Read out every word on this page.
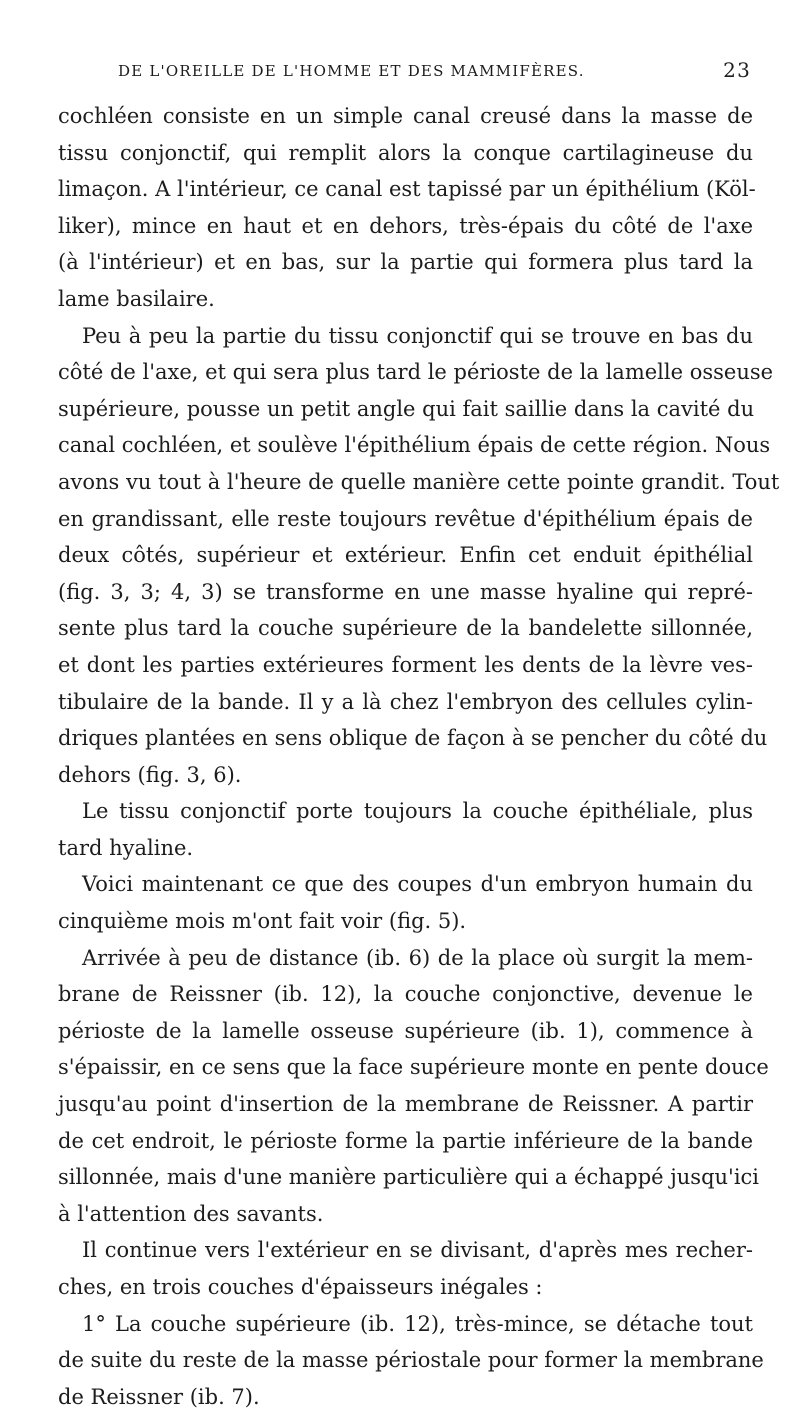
DE L'OREILLE DE L'HOMME ET DES MAMMIFÈRES.	23
cochléen consiste en un simple canal creusé dans la masse de
tissu conjonctif, qui remplit alors la conque cartilagineuse du
limaçon. A l'intérieur, ce canal est tapissé par un épithélium (Köl-
liker), mince en haut et en dehors, très-épais du côté de l'axe
(à l'intérieur) et en bas, sur la partie qui formera plus tard la
lame basilaire.
Peu à peu la partie du tissu conjonctif qui se trouve en bas du
côté de l'axe, et qui sera plus tard le périoste de la lamelle osseuse
supérieure, pousse un petit angle qui fait saillie dans la cavité du
canal cochléen, et soulève l'épithélium épais de cette région. Nous
avons vu tout à l'heure de quelle manière cette pointe grandit. Tout
en grandissant, elle reste toujours revêtue d'épithélium épais de
deux côtés, supérieur et extérieur. Enfin cet enduit épithélial
(fig. 3, 3; 4, 3) se transforme en une masse hyaline qui repré-
sente plus tard la couche supérieure de la bandelette sillonnée,
et dont les parties extérieures forment les dents de la lèvre ves-
tibulaire de la bande. Il y a là chez l'embryon des cellules cylin-
driques plantées en sens oblique de façon à se pencher du côté du
dehors (fig. 3, 6).
Le tissu conjonctif porte toujours la couche épithéliale, plus
tard hyaline.
Voici maintenant ce que des coupes d'un embryon humain du
cinquième mois m'ont fait voir (fig. 5).
Arrivée à peu de distance (ib. 6) de la place où surgit la mem-
brane de Reissner (ib. 12), la couche conjonctive, devenue le
périoste de la lamelle osseuse supérieure (ib. 1), commence à
s'épaissir, en ce sens que la face supérieure monte en pente douce
jusqu'au point d'insertion de la membrane de Reissner. A partir
de cet endroit, le périoste forme la partie inférieure de la bande
sillonnée, mais d'une manière particulière qui a échappé jusqu'ici
à l'attention des savants.
Il continue vers l'extérieur en se divisant, d'après mes recher-
ches, en trois couches d'épaisseurs inégales :
1° La couche supérieure (ib. 12), très-mince, se détache tout
de suite du reste de la masse périostale pour former la membrane
de Reissner (ib. 7).
